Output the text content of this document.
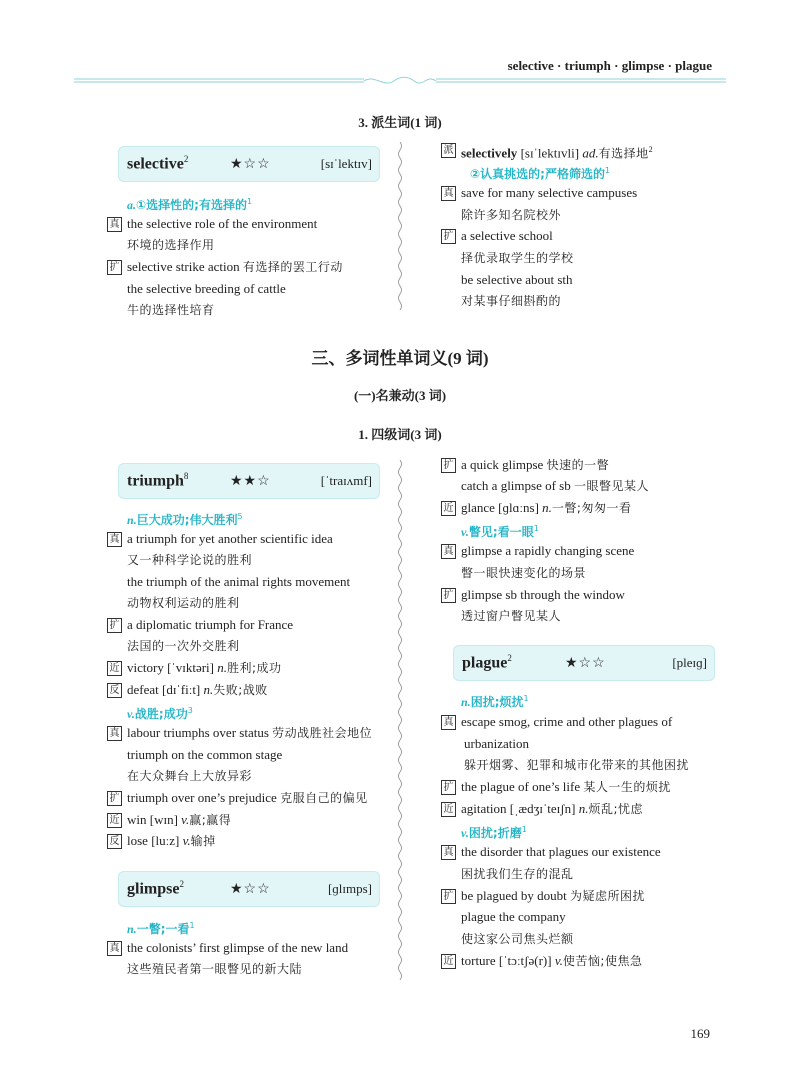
selective · triumph · glimpse · plague
3. 派生词(1 词)
selective$^2$	★☆☆	[sɪˈlektɪv]
a.①选择性的;有选择的$^1$
真 the selective role of the environment
环境的选择作用
扩 selective strike action 有选择的罢工行动
the selective breeding of cattle
牛的选择性培育
派 selectively [sɪˈlektɪvli] ad.有选择地$^2$
②认真挑选的;严格筛选的$^1$
真 save for many selective campuses
除许多知名院校外
扩 a selective school
择优录取学生的学校
be selective about sth
对某事仔细斟酌的
三、多词性单词义(9 词)
(一)名兼动(3 词)
1. 四级词(3 词)
triumph$^8$	★★☆	[ˈtraɪʌmf]
n.巨大成功;伟大胜利$^5$
真 a triumph for yet another scientific idea
又一种科学论说的胜利
the triumph of the animal rights movement
动物权利运动的胜利
扩 a diplomatic triumph for France
法国的一次外交胜利
近 victory [ˈvɪktəri] n.胜利;成功
反 defeat [dɪˈfiːt] n.失败;战败
v.战胜;成功$^3$
真 labour triumphs over status 劳动战胜社会地位
triumph on the common stage
在大众舞台上大放异彩
扩 triumph over one’s prejudice 克服自己的偏见
近 win [wɪn] v.赢;赢得
反 lose [luːz] v.输掉
glimpse$^2$	★☆☆	[ɡlɪmps]
n.一瞥;一看$^1$
真 the colonists’ first glimpse of the new land
这些殖民者第一眼瞥见的新大陆
扩 a quick glimpse 快速的一瞥
catch a glimpse of sb 一眼瞥见某人
近 glance [ɡlɑːns] n.一瞥;匆匆一看
v.瞥见;看一眼$^1$
真 glimpse a rapidly changing scene
瞥一眼快速变化的场景
扩 glimpse sb through the window
透过窗户瞥见某人
plague$^2$	★☆☆	[pleɪɡ]
n.困扰;烦扰$^1$
真 escape smog, crime and other plagues of
urbanization
躲开烟雾、犯罪和城市化带来的其他困扰
扩 the plague of one’s life 某人一生的烦扰
近 agitation [ˌædʒɪˈteɪʃn] n.烦乱;忧虑
v.困扰;折磨$^1$
真 the disorder that plagues our existence
困扰我们生存的混乱
扩 be plagued by doubt 为疑虑所困扰
plague the company
使这家公司焦头烂额
近 torture [ˈtɔːtʃə(r)] v.使苦恼;使焦急
169
